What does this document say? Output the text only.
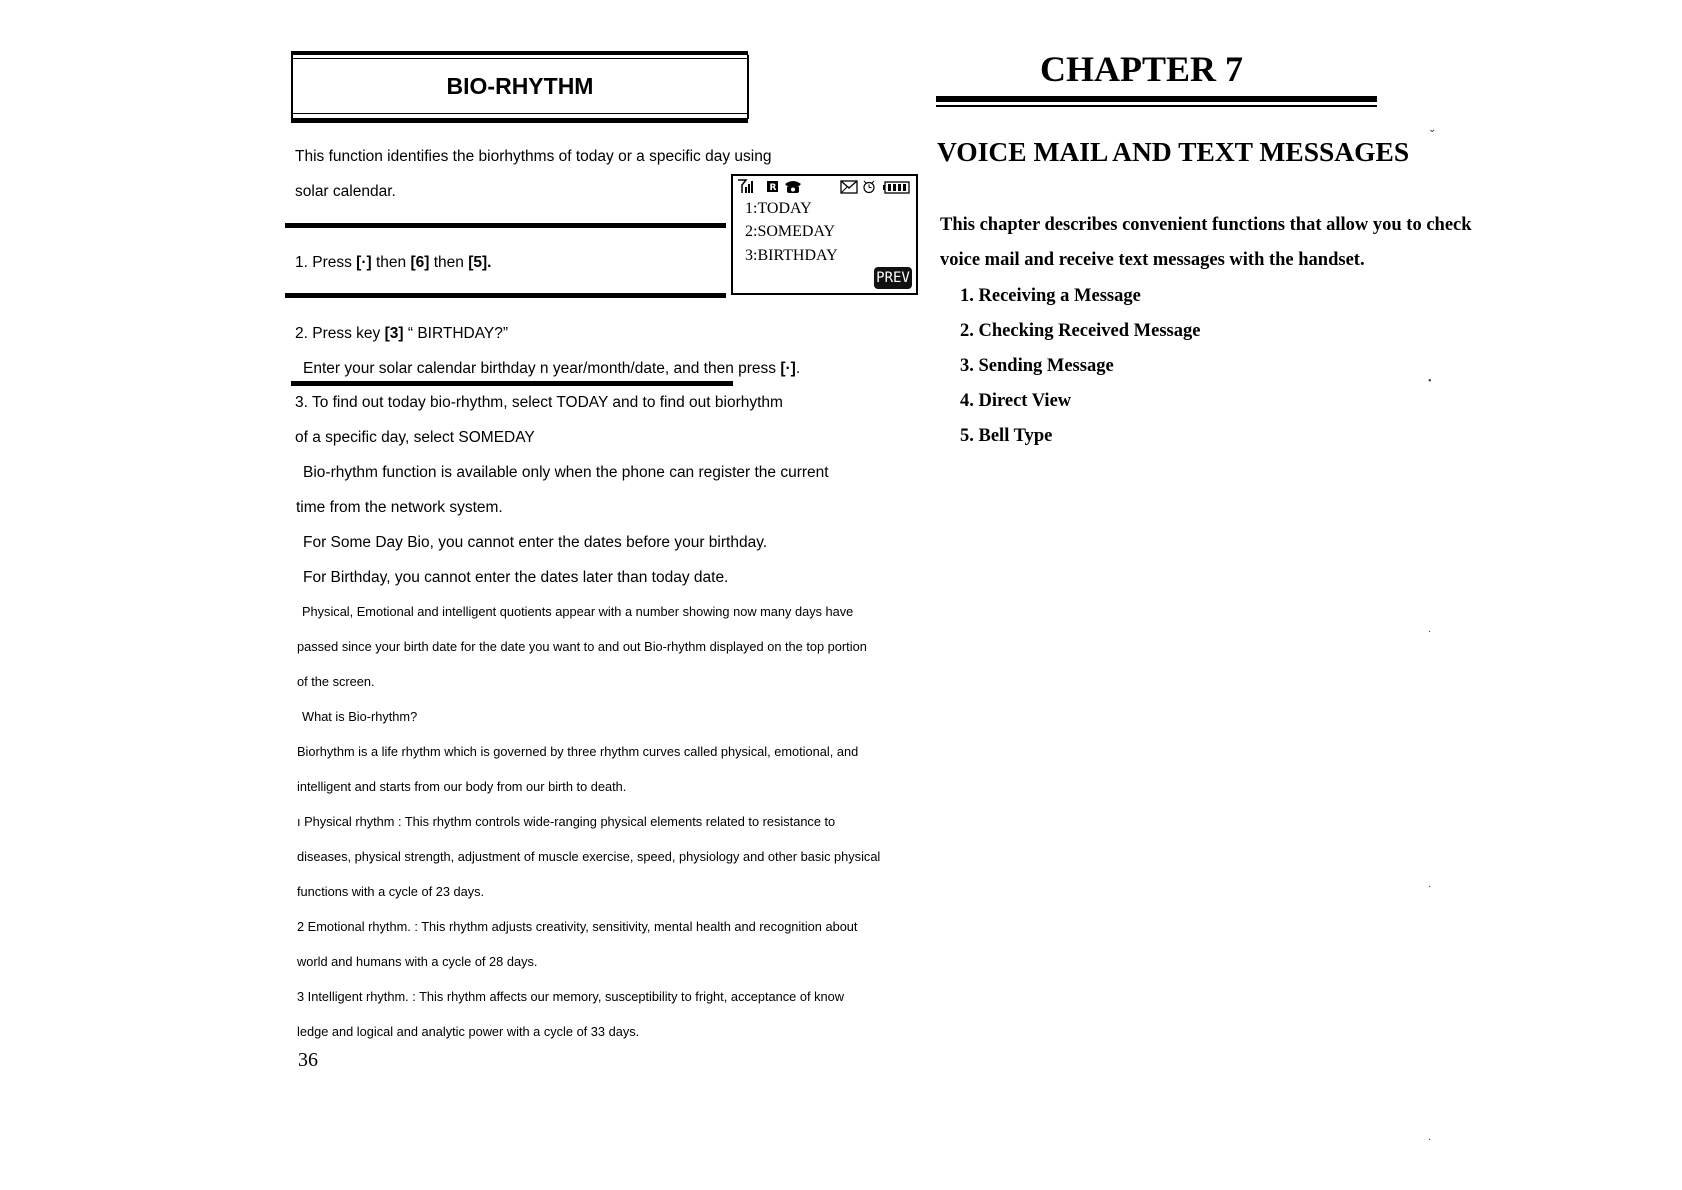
BIO-RHYTHM
This function identifies the biorhythms of today or a specific day using
solar calendar.
1. Press [·] then [6] then [5].
R
1:TODAY
2:SOMEDAY
3:BIRTHDAY
PREV
2. Press key [3] “ BIRTHDAY?”
Enter your solar calendar birthday n year/month/date, and then press [·].
3. To find out today bio-rhythm, select TODAY and to find out biorhythm
of a specific day, select SOMEDAY
Bio-rhythm function is available only when the phone can register the current
time from the network system.
For Some Day Bio, you cannot enter the dates before your birthday.
For Birthday, you cannot enter the dates later than today date.
Physical, Emotional and intelligent quotients appear with a number showing now many days have
passed since your birth date for the date you want to and out Bio-rhythm displayed on the top portion
of the screen.
What is Bio-rhythm?
Biorhythm is a life rhythm which is governed by three rhythm curves called physical, emotional, and
intelligent and starts from our body from our birth to death.
ı Physical rhythm : This rhythm controls wide-ranging physical elements related to resistance to
diseases, physical strength, adjustment of muscle exercise, speed, physiology and other basic physical
functions with a cycle of 23 days.
2 Emotional rhythm. : This rhythm adjusts creativity, sensitivity, mental health and recognition about
world and humans with a cycle of 28 days.
3 Intelligent rhythm. : This rhythm affects our memory, susceptibility to fright, acceptance of know
ledge and logical and analytic power with a cycle of 33 days.
36
CHAPTER 7
VOICE MAIL AND TEXT MESSAGES
This chapter describes convenient functions that allow you to check
voice mail and receive text messages with the handset.
1. Receiving a Message
2. Checking Received Message
3. Sending Message
4. Direct View
5. Bell Type
⌄
•
·
·
·
